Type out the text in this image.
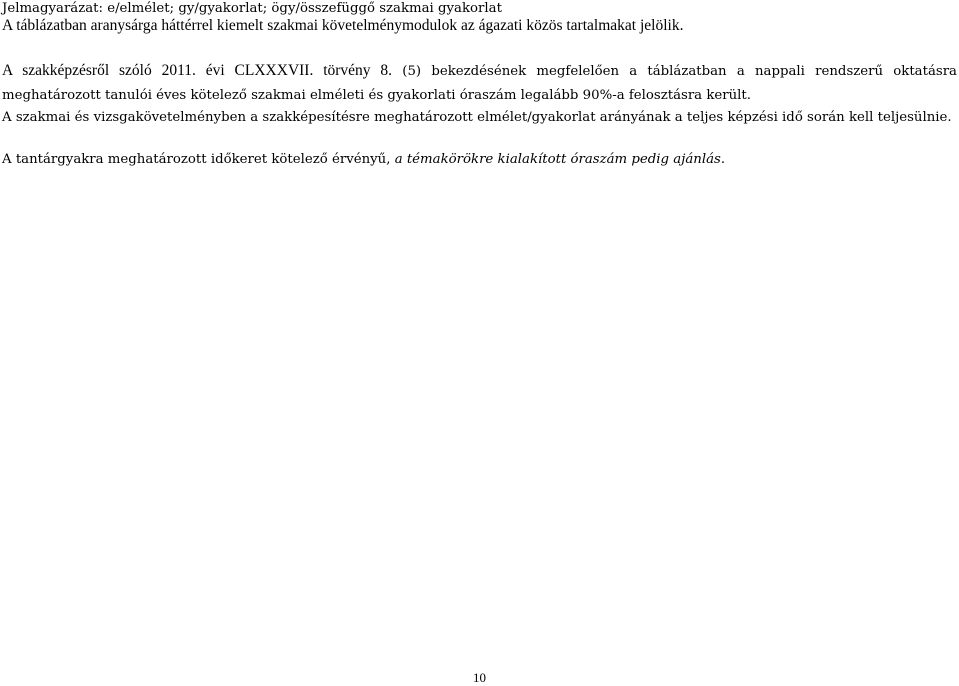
Jelmagyarázat: e/elmélet; gy/gyakorlat; ögy/összefüggő szakmai gyakorlat
A táblázatban aranysárga háttérrel kiemelt szakmai követelménymodulok az ágazati közös tartalmakat jelölik.
A szakképzésről szóló 2011. évi CLXXXVII. törvény 8. (5) bekezdésének megfelelően a táblázatban a nappali rendszerű oktatásra meghatározott tanulói éves kötelező szakmai elméleti és gyakorlati óraszám legalább 90%-a felosztásra került.
A szakmai és vizsgakövetelményben a szakképesítésre meghatározott elmélet/gyakorlat arányának a teljes képzési idő során kell teljesülnie.
A tantárgyakra meghatározott időkeret kötelező érvényű, a témakörökre kialakított óraszám pedig ajánlás.
10
